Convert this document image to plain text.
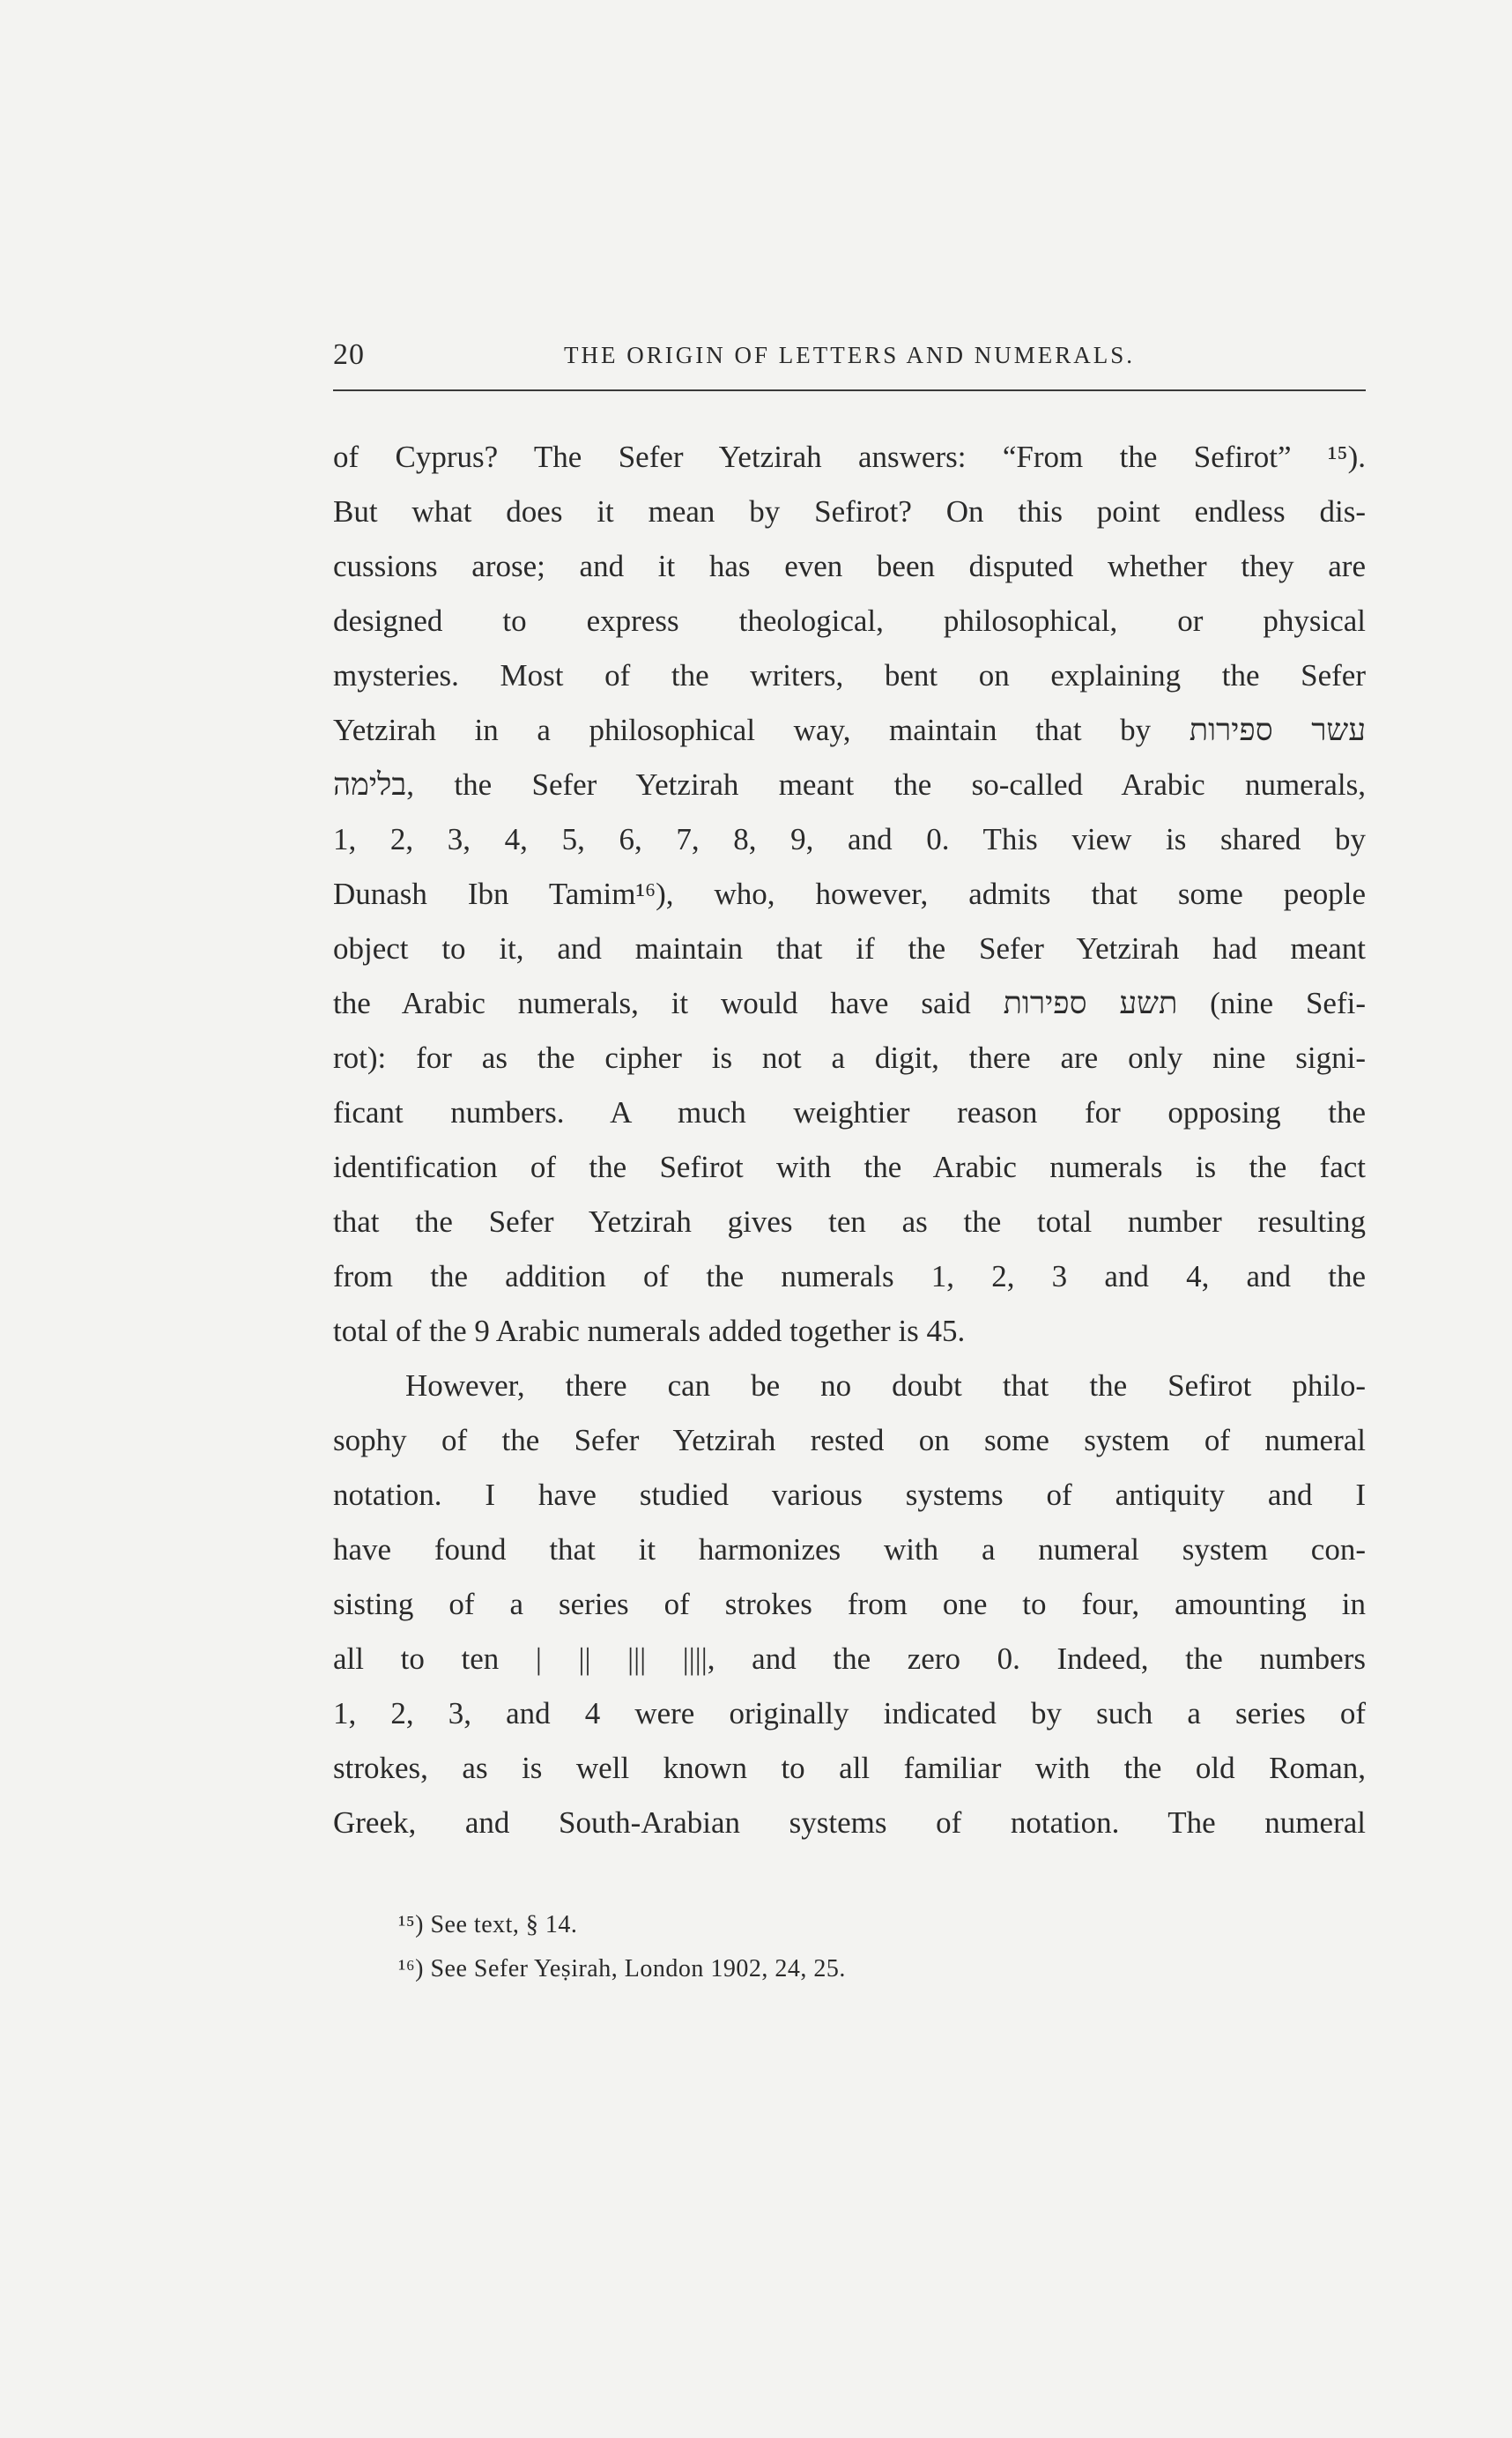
20	THE ORIGIN OF LETTERS AND NUMERALS.
of Cyprus? The Sefer Yetzirah answers: “From the Sefirot” ¹⁵).
But what does it mean by Sefirot? On this point endless dis-
cussions arose; and it has even been disputed whether they are
designed to express theological, philosophical, or physical
mysteries. Most of the writers, bent on explaining the Sefer
Yetzirah in a philosophical way, maintain that by עשר ספירות
בלימה, the Sefer Yetzirah meant the so-called Arabic numerals,
1, 2, 3, 4, 5, 6, 7, 8, 9, and 0. This view is shared by
Dunash Ibn Tamim¹⁶), who, however, admits that some people
object to it, and maintain that if the Sefer Yetzirah had meant
the Arabic numerals, it would have said תשע ספירות (nine Sefi-
rot): for as the cipher is not a digit, there are only nine signi-
ficant numbers. A much weightier reason for opposing the
identification of the Sefirot with the Arabic numerals is the fact
that the Sefer Yetzirah gives ten as the total number resulting
from the addition of the numerals 1, 2, 3 and 4, and the
total of the 9 Arabic numerals added together is 45.
However, there can be no doubt that the Sefirot philo-
sophy of the Sefer Yetzirah rested on some system of numeral
notation. I have studied various systems of antiquity and I
have found that it harmonizes with a numeral system con-
sisting of a series of strokes from one to four, amounting in
all to ten | || ||| ||||, and the zero 0. Indeed, the numbers
1, 2, 3, and 4 were originally indicated by such a series of
strokes, as is well known to all familiar with the old Roman,
Greek, and South-Arabian systems of notation. The numeral
¹⁵) See text, § 14.
¹⁶) See Sefer Yeṣirah, London 1902, 24, 25.
